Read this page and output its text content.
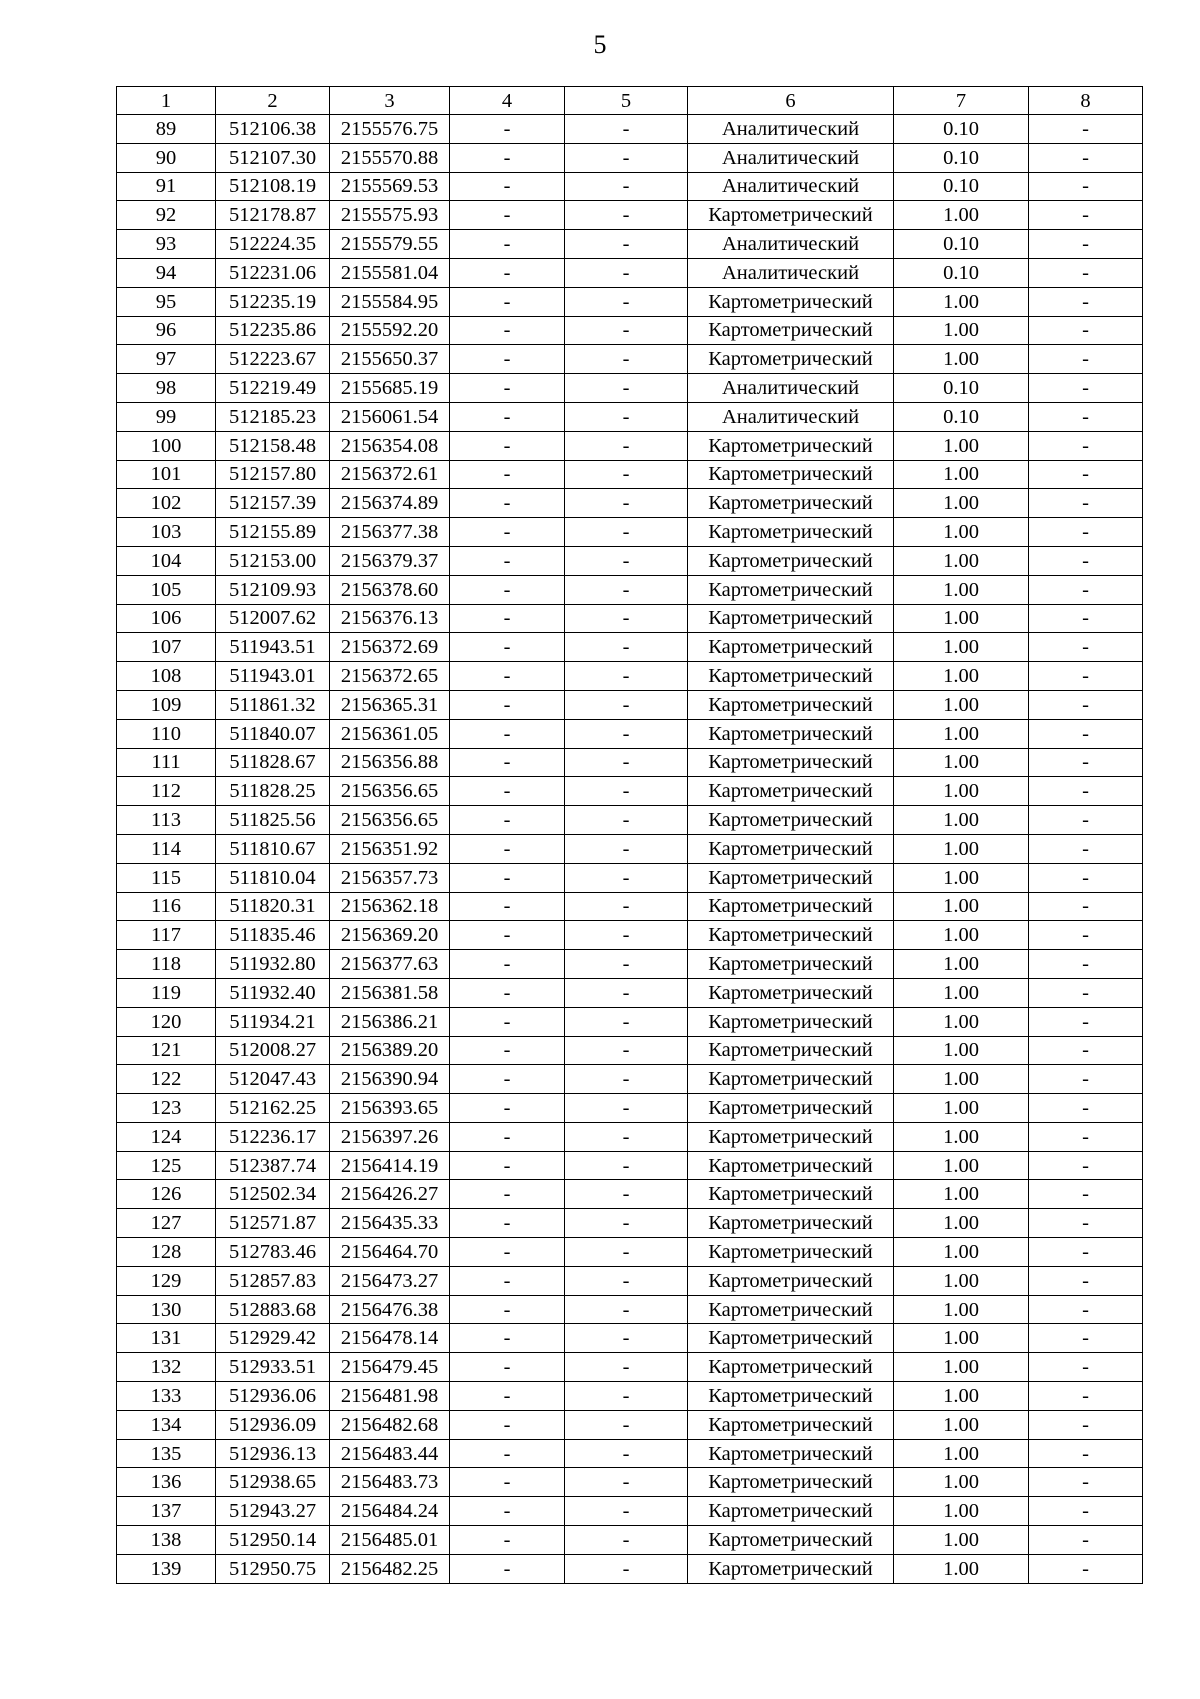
5
1	2	3	4	5	6	7	8
89	512106.38	2155576.75	-	-	Аналитический	0.10	-
90	512107.30	2155570.88	-	-	Аналитический	0.10	-
91	512108.19	2155569.53	-	-	Аналитический	0.10	-
92	512178.87	2155575.93	-	-	Картометрический	1.00	-
93	512224.35	2155579.55	-	-	Аналитический	0.10	-
94	512231.06	2155581.04	-	-	Аналитический	0.10	-
95	512235.19	2155584.95	-	-	Картометрический	1.00	-
96	512235.86	2155592.20	-	-	Картометрический	1.00	-
97	512223.67	2155650.37	-	-	Картометрический	1.00	-
98	512219.49	2155685.19	-	-	Аналитический	0.10	-
99	512185.23	2156061.54	-	-	Аналитический	0.10	-
100	512158.48	2156354.08	-	-	Картометрический	1.00	-
101	512157.80	2156372.61	-	-	Картометрический	1.00	-
102	512157.39	2156374.89	-	-	Картометрический	1.00	-
103	512155.89	2156377.38	-	-	Картометрический	1.00	-
104	512153.00	2156379.37	-	-	Картометрический	1.00	-
105	512109.93	2156378.60	-	-	Картометрический	1.00	-
106	512007.62	2156376.13	-	-	Картометрический	1.00	-
107	511943.51	2156372.69	-	-	Картометрический	1.00	-
108	511943.01	2156372.65	-	-	Картометрический	1.00	-
109	511861.32	2156365.31	-	-	Картометрический	1.00	-
110	511840.07	2156361.05	-	-	Картометрический	1.00	-
111	511828.67	2156356.88	-	-	Картометрический	1.00	-
112	511828.25	2156356.65	-	-	Картометрический	1.00	-
113	511825.56	2156356.65	-	-	Картометрический	1.00	-
114	511810.67	2156351.92	-	-	Картометрический	1.00	-
115	511810.04	2156357.73	-	-	Картометрический	1.00	-
116	511820.31	2156362.18	-	-	Картометрический	1.00	-
117	511835.46	2156369.20	-	-	Картометрический	1.00	-
118	511932.80	2156377.63	-	-	Картометрический	1.00	-
119	511932.40	2156381.58	-	-	Картометрический	1.00	-
120	511934.21	2156386.21	-	-	Картометрический	1.00	-
121	512008.27	2156389.20	-	-	Картометрический	1.00	-
122	512047.43	2156390.94	-	-	Картометрический	1.00	-
123	512162.25	2156393.65	-	-	Картометрический	1.00	-
124	512236.17	2156397.26	-	-	Картометрический	1.00	-
125	512387.74	2156414.19	-	-	Картометрический	1.00	-
126	512502.34	2156426.27	-	-	Картометрический	1.00	-
127	512571.87	2156435.33	-	-	Картометрический	1.00	-
128	512783.46	2156464.70	-	-	Картометрический	1.00	-
129	512857.83	2156473.27	-	-	Картометрический	1.00	-
130	512883.68	2156476.38	-	-	Картометрический	1.00	-
131	512929.42	2156478.14	-	-	Картометрический	1.00	-
132	512933.51	2156479.45	-	-	Картометрический	1.00	-
133	512936.06	2156481.98	-	-	Картометрический	1.00	-
134	512936.09	2156482.68	-	-	Картометрический	1.00	-
135	512936.13	2156483.44	-	-	Картометрический	1.00	-
136	512938.65	2156483.73	-	-	Картометрический	1.00	-
137	512943.27	2156484.24	-	-	Картометрический	1.00	-
138	512950.14	2156485.01	-	-	Картометрический	1.00	-
139	512950.75	2156482.25	-	-	Картометрический	1.00	-
